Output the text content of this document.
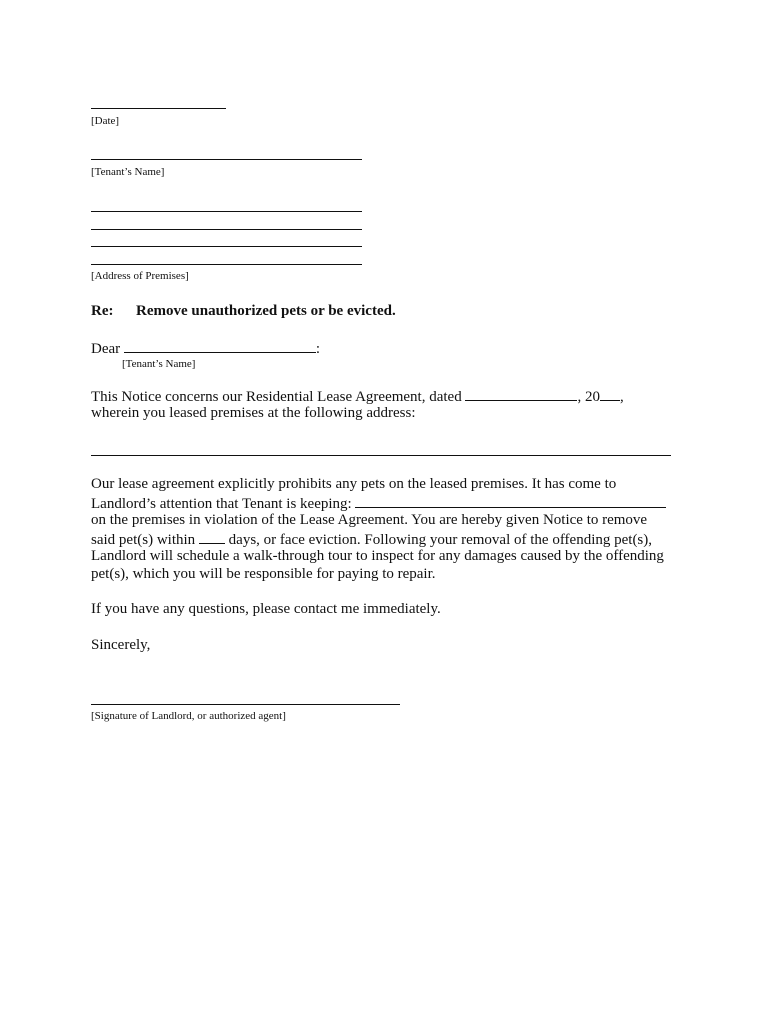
[Date]
[Tenant’s Name]
[Address of Premises]
Re: Remove unauthorized pets or be evicted.
Dear	:
[Tenant’s Name]
This Notice concerns our Residential Lease Agreement, dated	, 20 ,
wherein you leased premises at the following address:
Our lease agreement explicitly prohibits any pets on the leased premises. It has come to
Landlord’s attention that Tenant is keeping:
on the premises in violation of the Lease Agreement. You are hereby given Notice to remove
said pet(s) within days, or face eviction. Following your removal of the offending pet(s),
Landlord will schedule a walk-through tour to inspect for any damages caused by the offending
pet(s), which you will be responsible for paying to repair.
If you have any questions, please contact me immediately.
Sincerely,
[Signature of Landlord, or authorized agent]
